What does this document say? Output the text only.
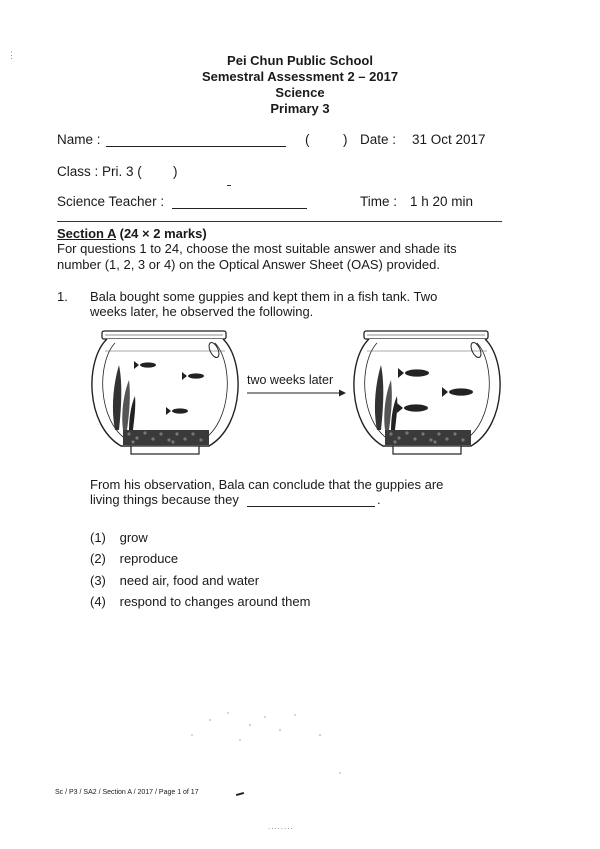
Pei Chun Public School
Semestral Assessment 2 – 2017
Science
Primary 3
Name :	( ) Date : 31 Oct 2017
Class : Pri. 3 ( )
Science Teacher :	Time : 1 h 20 min
Section A (24 × 2 marks)
For questions 1 to 24, choose the most suitable answer and shade its
number (1, 2, 3 or 4) on the Optical Answer Sheet (OAS) provided.
1. Bala bought some guppies and kept them in a fish tank. Two
weeks later, he observed the following.
two weeks later
From his observation, Bala can conclude that the guppies are
living things because they	.
(1) grow
(2) reproduce
(3) need air, food and water
(4) respond to changes around them
⋮
Sc / P3 / SA2 / Section A / 2017 / Page 1 of 17
........
